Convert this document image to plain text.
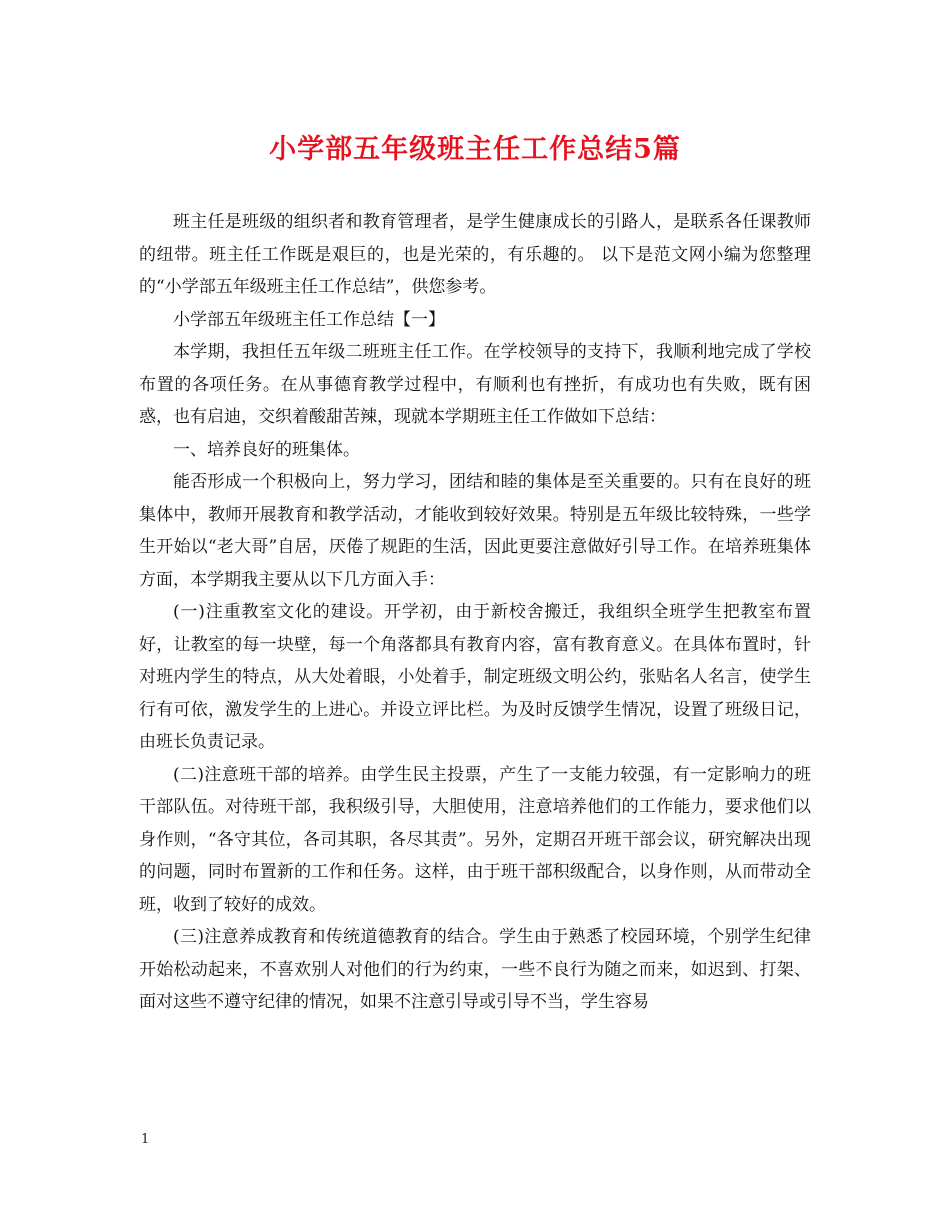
小学部五年级班主任工作总结5篇

班主任是班级的组织者和教育管理者，是学生健康成长的引路人，是联系各任课教师的纽带。班主任工作既是艰巨的，也是光荣的，有乐趣的。 以下是范文网小编为您整理的“小学部五年级班主任工作总结”，供您参考。

小学部五年级班主任工作总结【一】

本学期，我担任五年级二班班主任工作。在学校领导的支持下，我顺利地完成了学校布置的各项任务。在从事德育教学过程中，有顺利也有挫折，有成功也有失败，既有困惑，也有启迪，交织着酸甜苦辣，现就本学期班主任工作做如下总结：

一、培养良好的班集体。

能否形成一个积极向上，努力学习，团结和睦的集体是至关重要的。只有在良好的班集体中，教师开展教育和教学活动，才能收到较好效果。特别是五年级比较特殊，一些学生开始以“老大哥”自居，厌倦了规距的生活，因此更要注意做好引导工作。在培养班集体方面，本学期我主要从以下几方面入手：

(一)注重教室文化的建设。开学初，由于新校舍搬迁，我组织全班学生把教室布置好，让教室的每一块壁，每一个角落都具有教育内容，富有教育意义。在具体布置时，针对班内学生的特点，从大处着眼，小处着手，制定班级文明公约，张贴名人名言，使学生行有可依，激发学生的上进心。并设立评比栏。为及时反馈学生情况，设置了班级日记，由班长负责记录。

(二)注意班干部的培养。由学生民主投票，产生了一支能力较强，有一定影响力的班干部队伍。对待班干部，我积级引导，大胆使用，注意培养他们的工作能力，要求他们以身作则，“各守其位，各司其职，各尽其责”。另外，定期召开班干部会议，研究解决出现的问题，同时布置新的工作和任务。这样，由于班干部积级配合，以身作则，从而带动全班，收到了较好的成效。

(三)注意养成教育和传统道德教育的结合。学生由于熟悉了校园环境，个别学生纪律开始松动起来，不喜欢别人对他们的行为约束，一些不良行为随之而来，如迟到、打架、面对这些不遵守纪律的情况，如果不注意引导或引导不当，学生容易

1
